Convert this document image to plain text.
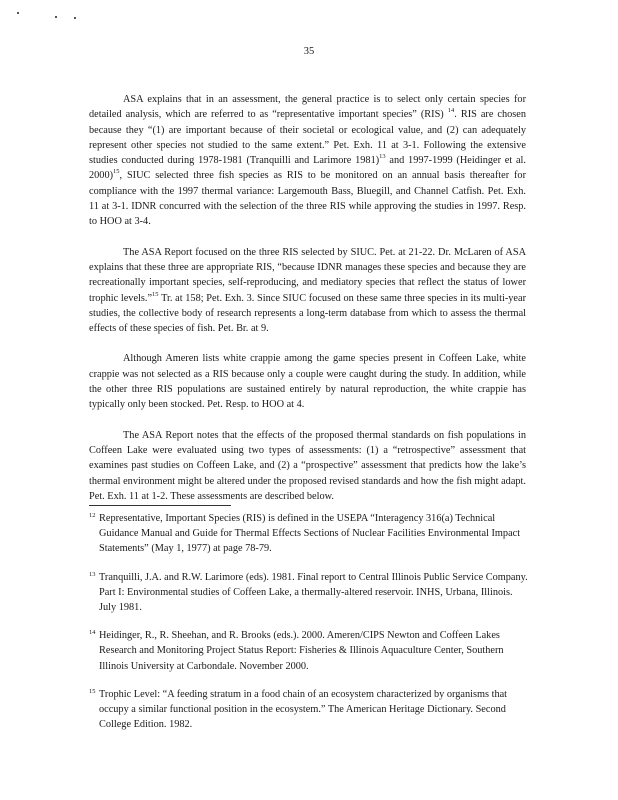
35

ASA explains that in an assessment, the general practice is to select only certain species for detailed analysis, which are referred to as “representative important species” (RIS) $^{14}$. RIS are chosen because they “(1) are important because of their societal or ecological value, and (2) can adequately represent other species not studied to the same extent.” Pet. Exh. 11 at 3-1. Following the extensive studies conducted during 1978-1981 (Tranquilli and Larimore 1981)$^{13}$ and 1997-1999 (Heidinger et al. 2000)$^{15}$, SIUC selected three fish species as RIS to be monitored on an annual basis thereafter for compliance with the 1997 thermal variance: Largemouth Bass, Bluegill, and Channel Catfish. Pet. Exh. 11 at 3-1. IDNR concurred with the selection of the three RIS while approving the studies in 1997. Resp. to HOO at 3-4.

The ASA Report focused on the three RIS selected by SIUC. Pet. at 21-22. Dr. McLaren of ASA explains that these three are appropriate RIS, “because IDNR manages these species and because they are recreationally important species, self-reproducing, and mediatory species that reflect the status of lower trophic levels.”$^{15}$ Tr. at 158; Pet. Exh. 3. Since SIUC focused on these same three species in its multi-year studies, the collective body of research represents a long-term database from which to assess the thermal effects of these species of fish. Pet. Br. at 9.

Although Ameren lists white crappie among the game species present in Coffeen Lake, white crappie was not selected as a RIS because only a couple were caught during the study. In addition, while the other three RIS populations are sustained entirely by natural reproduction, the white crappie has typically only been stocked. Pet. Resp. to HOO at 4.

The ASA Report notes that the effects of the proposed thermal standards on fish populations in Coffeen Lake were evaluated using two types of assessments: (1) a “retrospective” assessment that examines past studies on Coffeen Lake, and (2) a “prospective” assessment that predicts how the lake’s thermal environment might be altered under the proposed revised standards and how the fish might adapt. Pet. Exh. 11 at 1-2. These assessments are described below.

12 Representative, Important Species (RIS) is defined in the USEPA “Interagency 316(a) Technical Guidance Manual and Guide for Thermal Effects Sections of Nuclear Facilities Environmental Impact Statements” (May 1, 1977) at page 78-79.
13 Tranquilli, J.A. and R.W. Larimore (eds). 1981. Final report to Central Illinois Public Service Company. Part I: Environmental studies of Coffeen Lake, a thermally-altered reservoir. INHS, Urbana, Illinois. July 1981.
14 Heidinger, R., R. Sheehan, and R. Brooks (eds.). 2000. Ameren/CIPS Newton and Coffeen Lakes Research and Monitoring Project Status Report: Fisheries & Illinois Aquaculture Center, Southern Illinois University at Carbondale. November 2000.
15 Trophic Level: “A feeding stratum in a food chain of an ecosystem characterized by organisms that occupy a similar functional position in the ecosystem.” The American Heritage Dictionary. Second College Edition. 1982.
